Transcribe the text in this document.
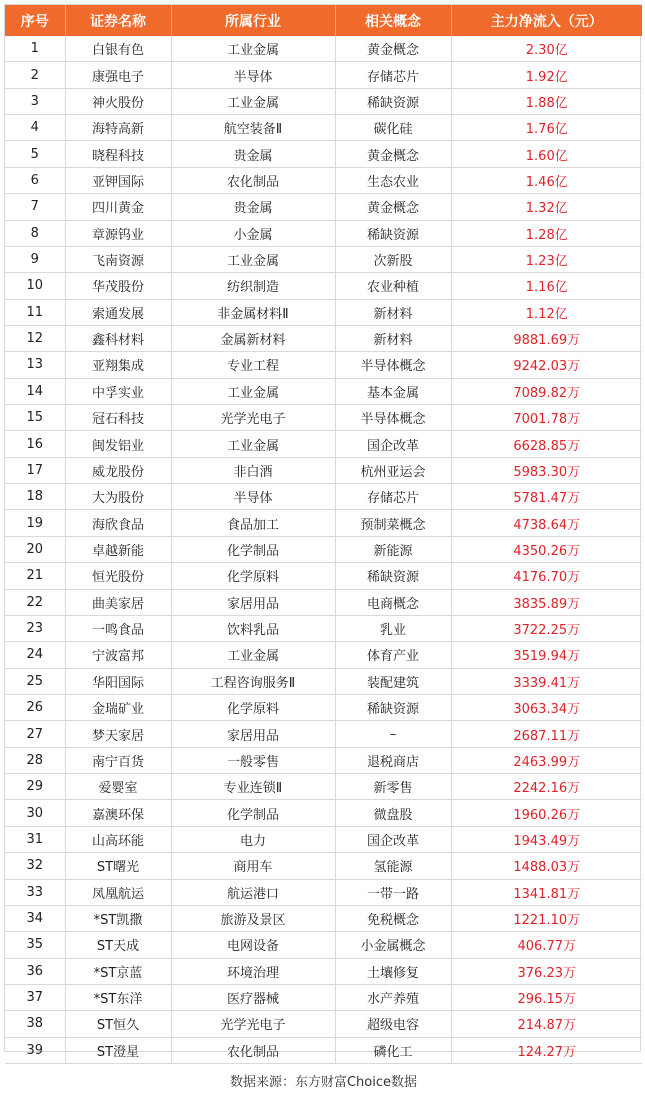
序号	证券名称	所属行业	相关概念	主力净流入（元）
1	白银有色	工业金属	黄金概念	2.30亿
2	康强电子	半导体	存储芯片	1.92亿
3	神火股份	工业金属	稀缺资源	1.88亿
4	海特高新	航空装备Ⅱ	碳化硅	1.76亿
5	晓程科技	贵金属	黄金概念	1.60亿
6	亚钾国际	农化制品	生态农业	1.46亿
7	四川黄金	贵金属	黄金概念	1.32亿
8	章源钨业	小金属	稀缺资源	1.28亿
9	飞南资源	工业金属	次新股	1.23亿
10	华茂股份	纺织制造	农业种植	1.16亿
11	索通发展	非金属材料Ⅱ	新材料	1.12亿
12	鑫科材料	金属新材料	新材料	9881.69万
13	亚翔集成	专业工程	半导体概念	9242.03万
14	中孚实业	工业金属	基本金属	7089.82万
15	冠石科技	光学光电子	半导体概念	7001.78万
16	闽发铝业	工业金属	国企改革	6628.85万
17	威龙股份	非白酒	杭州亚运会	5983.30万
18	大为股份	半导体	存储芯片	5781.47万
19	海欣食品	食品加工	预制菜概念	4738.64万
20	卓越新能	化学制品	新能源	4350.26万
21	恒光股份	化学原料	稀缺资源	4176.70万
22	曲美家居	家居用品	电商概念	3835.89万
23	一鸣食品	饮料乳品	乳业	3722.25万
24	宁波富邦	工业金属	体育产业	3519.94万
25	华阳国际	工程咨询服务Ⅱ	装配建筑	3339.41万
26	金瑞矿业	化学原料	稀缺资源	3063.34万
27	梦天家居	家居用品	–	2687.11万
28	南宁百货	一般零售	退税商店	2463.99万
29	爱婴室	专业连锁Ⅱ	新零售	2242.16万
30	嘉澳环保	化学制品	微盘股	1960.26万
31	山高环能	电力	国企改革	1943.49万
32	ST曙光	商用车	氢能源	1488.03万
33	凤凰航运	航运港口	一带一路	1341.81万
34	*ST凯撒	旅游及景区	免税概念	1221.10万
35	ST天成	电网设备	小金属概念	406.77万
36	*ST京蓝	环境治理	土壤修复	376.23万
37	*ST东洋	医疗器械	水产养殖	296.15万
38	ST恒久	光学光电子	超级电容	214.87万
39	ST澄星	农化制品	磷化工	124.27万
数据来源：东方财富Choice数据				
